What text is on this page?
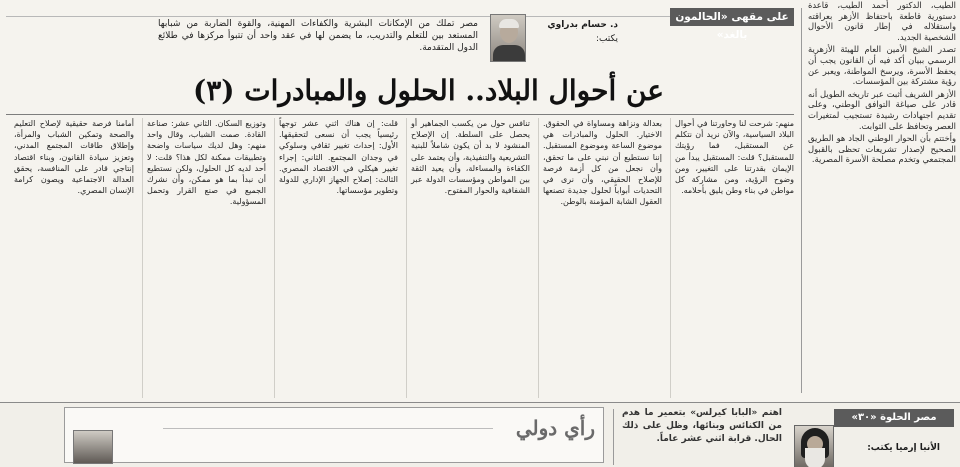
الطيب، الدكتور أحمد الطيب، قاعدة دستورية قاطعة باحتفاظ الأزهر بعراقته واستقلاله في إطار قانون الأحوال الشخصية الجديد.

تصدر الشيخ الأمين العام للهيئة الأزهرية الرسمي ببيان أكد فيه أن القانون يجب أن يحفظ الأسرة، ويرسخ المواطنة، ويعبر عن رؤية مشتركة بين المؤسسات.

الأزهر الشريف أثبت عبر تاريخه الطويل أنه قادر على صياغة التوافق الوطني، وعلى تقديم اجتهادات رشيدة تستجيب لمتغيرات العصر وتحافظ على الثوابت.

وأختتم بأن الحوار الوطني الجاد هو الطريق الصحيح لإصدار تشريعات تحظى بالقبول المجتمعي وتخدم مصلحة الأسرة المصرية.

على مقهى «الحالمون بالغد»
د. حسام بدراوي
يكتب:
مصر تملك من الإمكانات البشرية والكفاءات المهنية، والقوة الضاربة من شبابها المستعد بين للتعلم والتدريب، ما يضمن لها في عقد واحد أن تتبوأ مركزها في طلائع الدول المتقدمة.
عن أحوال البلاد.. الحلول والمبادرات (٣)

منهم: شرحت لنا وحاورتنا في أحوال البلاد السياسية، والآن نريد أن نتكلم عن المستقبل، فما رؤيتك للمستقبل؟ قلت: المستقبل يبدأ من الإيمان بقدرتنا على التغيير، ومن وضوح الرؤية، ومن مشاركة كل مواطن في بناء وطن يليق بأحلامه.

بعدالة ونزاهة ومساواة في الحقوق. الاختيار. الحلول والمبادرات هي موضوع الساعة وموضوع المستقبل. إننا نستطيع أن نبني على ما تحقق، وأن نجعل من كل أزمة فرصة للإصلاح الحقيقي، وأن نرى في التحديات أبواباً لحلول جديدة تصنعها العقول الشابة المؤمنة بالوطن.

تنافس حول من يكسب الجماهير أو يحصل على السلطة. إن الإصلاح المنشود لا بد أن يكون شاملاً للبنية التشريعية والتنفيذية، وأن يعتمد على الكفاءة والمساءلة، وأن يعيد الثقة بين المواطن ومؤسسات الدولة عبر الشفافية والحوار المفتوح.

قلت: إن هناك اثني عشر توجهاً رئيسياً يجب أن نسعى لتحقيقها. الأول: إحداث تغيير ثقافي وسلوكي في وجدان المجتمع. الثاني: إجراء تغيير هيكلي في الاقتصاد المصري. الثالث: إصلاح الجهاز الإداري للدولة وتطوير مؤسساتها.

وتوزيع السكان. الثاني عشر: صناعة القادة. صمت الشباب، وقال واحد منهم: وهل لديك سياسات واضحة وتطبيقات ممكنة لكل هذا؟ قلت: لا أحد لديه كل الحلول، ولكن نستطيع أن نبدأ بما هو ممكن، وأن نشرك الجميع في صنع القرار وتحمل المسؤولية.

أمامنا فرصة حقيقية لإصلاح التعليم والصحة وتمكين الشباب والمرأة، وإطلاق طاقات المجتمع المدني، وتعزيز سيادة القانون، وبناء اقتصاد إنتاجي قادر على المنافسة، يحقق العدالة الاجتماعية ويصون كرامة الإنسان المصري.

مصر الحلوة «٣٠»
الأنبا إرميا يكتب:
اهتم «البابا كيرلس» بتعمير ما هدم من الكنائس وبنائها، وظل على ذلك الحال. قرابة اثني عشر عاماً.
رأي دولي
